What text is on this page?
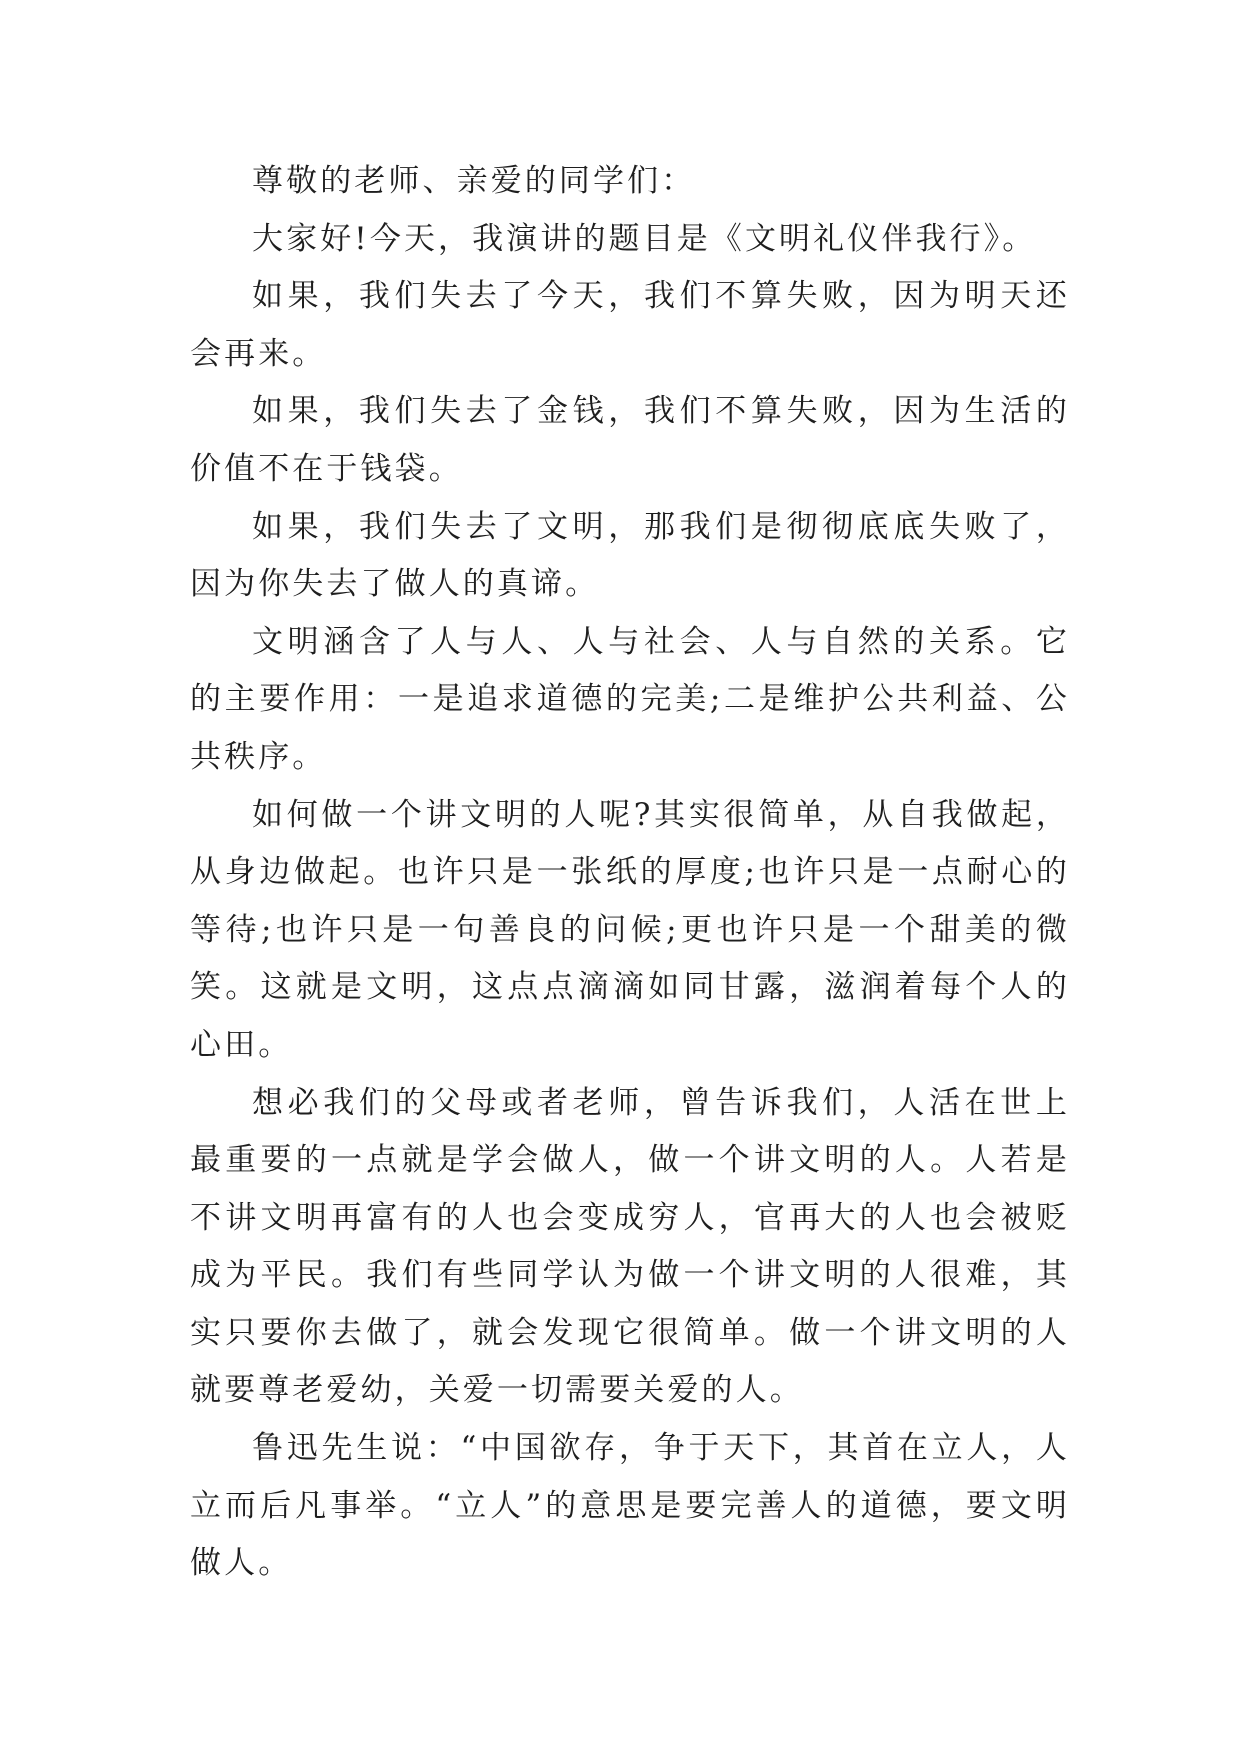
尊敬的老师、亲爱的同学们：

大家好!今天，我演讲的题目是《文明礼仪伴我行》。

如果，我们失去了今天，我们不算失败，因为明天还会再来。

如果，我们失去了金钱，我们不算失败，因为生活的价值不在于钱袋。

如果，我们失去了文明，那我们是彻彻底底失败了，因为你失去了做人的真谛。

文明涵含了人与人、人与社会、人与自然的关系。它的主要作用：一是追求道德的完美;二是维护公共利益、公共秩序。

如何做一个讲文明的人呢?其实很简单，从自我做起，从身边做起。也许只是一张纸的厚度;也许只是一点耐心的等待;也许只是一句善良的问候;更也许只是一个甜美的微笑。这就是文明，这点点滴滴如同甘露，滋润着每个人的心田。

想必我们的父母或者老师，曾告诉我们，人活在世上最重要的一点就是学会做人，做一个讲文明的人。人若是不讲文明再富有的人也会变成穷人，官再大的人也会被贬成为平民。我们有些同学认为做一个讲文明的人很难，其实只要你去做了，就会发现它很简单。做一个讲文明的人就要尊老爱幼，关爱一切需要关爱的人。

鲁迅先生说：“中国欲存，争于天下，其首在立人，人立而后凡事举。“立人”的意思是要完善人的道德，要文明做人。
